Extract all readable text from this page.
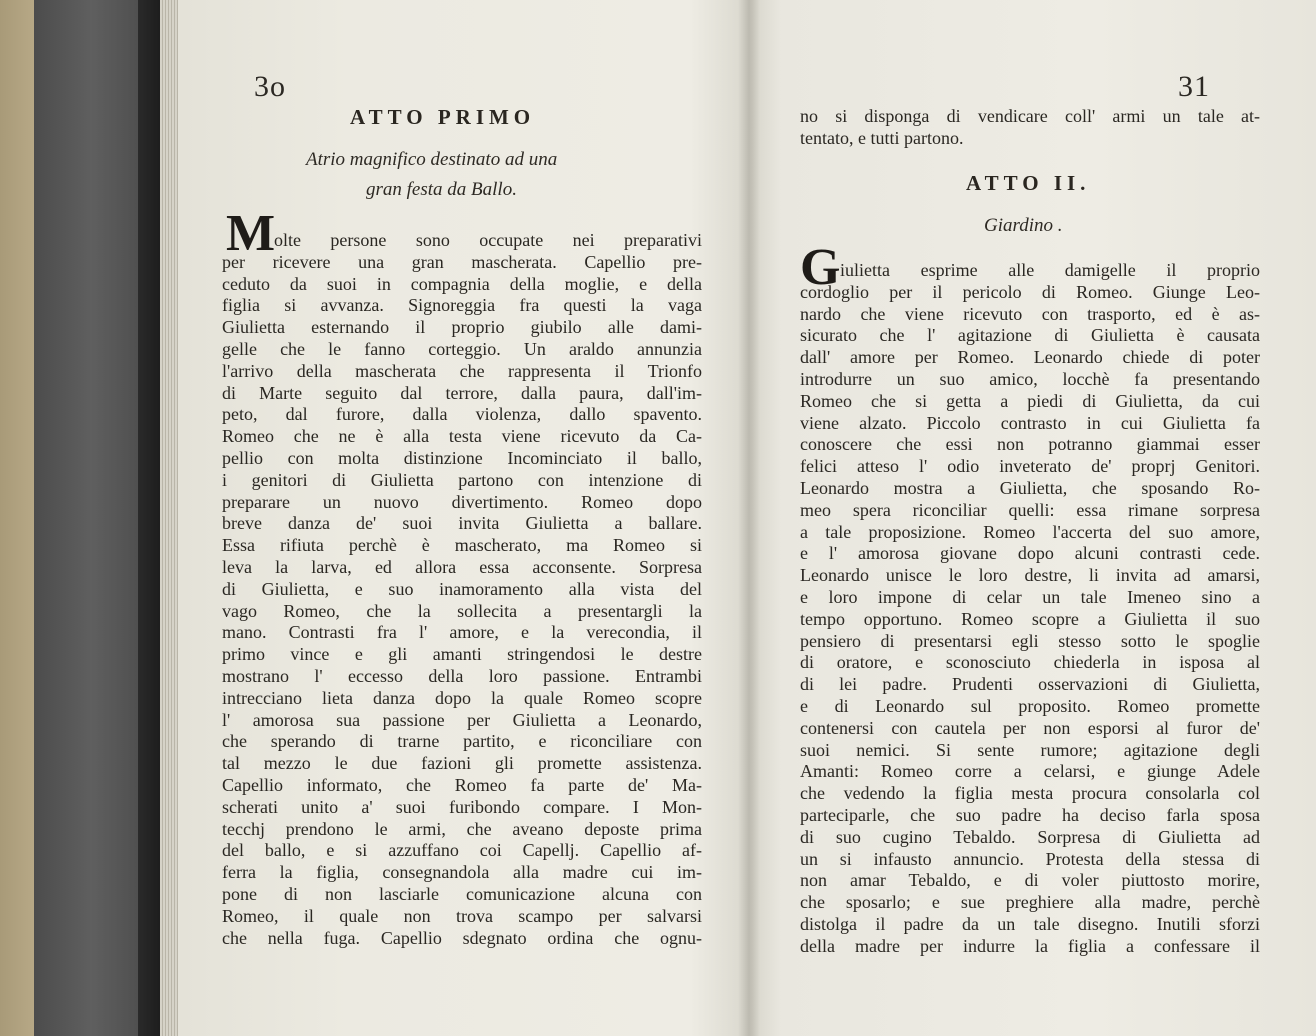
3o
ATTO PRIMO
Atrio magnifico destinato ad una
gran festa da Ballo.
M
olte persone sono occupate nei preparativi
per ricevere una gran mascherata. Capellio pre-
ceduto da suoi in compagnia della moglie, e della
figlia si avvanza. Signoreggia fra questi la vaga
Giulietta esternando il proprio giubilo alle dami-
gelle che le fanno corteggio. Un araldo annunzia
l'arrivo della mascherata che rappresenta il Trionfo
di Marte seguito dal terrore, dalla paura, dall'im-
peto, dal furore, dalla violenza, dallo spavento.
Romeo che ne è alla testa viene ricevuto da Ca-
pellio con molta distinzione Incominciato il ballo,
i genitori di Giulietta partono con intenzione di
preparare un nuovo divertimento. Romeo dopo
breve danza de' suoi invita Giulietta a ballare.
Essa rifiuta perchè è mascherato, ma Romeo si
leva la larva, ed allora essa acconsente. Sorpresa
di Giulietta, e suo inamoramento alla vista del
vago Romeo, che la sollecita a presentargli la
mano. Contrasti fra l' amore, e la verecondia, il
primo vince e gli amanti stringendosi le destre
mostrano l' eccesso della loro passione. Entrambi
intrecciano lieta danza dopo la quale Romeo scopre
l' amorosa sua passione per Giulietta a Leonardo,
che sperando di trarne partito, e riconciliare con
tal mezzo le due fazioni gli promette assistenza.
Capellio informato, che Romeo fa parte de' Ma-
scherati unito a' suoi furibondo compare. I Mon-
tecchj prendono le armi, che aveano deposte prima
del ballo, e si azzuffano coi Capellj. Capellio af-
ferra la figlia, consegnandola alla madre cui im-
pone di non lasciarle comunicazione alcuna con
Romeo, il quale non trova scampo per salvarsi
che nella fuga. Capellio sdegnato ordina che ognu-
31
no si disponga di vendicare coll' armi un tale at-
tentato, e tutti partono.
ATTO II.
Giardino .
G iulietta esprime alle damigelle il proprio
cordoglio per il pericolo di Romeo. Giunge Leo-
nardo che viene ricevuto con trasporto, ed è as-
sicurato che l' agitazione di Giulietta è causata
dall' amore per Romeo. Leonardo chiede di poter
introdurre un suo amico, locchè fa presentando
Romeo che si getta a piedi di Giulietta, da cui
viene alzato. Piccolo contrasto in cui Giulietta fa
conoscere che essi non potranno giammai esser
felici atteso l' odio inveterato de' proprj Genitori.
Leonardo mostra a Giulietta, che sposando Ro-
meo spera riconciliar quelli: essa rimane sorpresa
a tale proposizione. Romeo l'accerta del suo amore,
e l' amorosa giovane dopo alcuni contrasti cede.
Leonardo unisce le loro destre, li invita ad amarsi,
e loro impone di celar un tale Imeneo sino a
tempo opportuno. Romeo scopre a Giulietta il suo
pensiero di presentarsi egli stesso sotto le spoglie
di oratore, e sconosciuto chiederla in isposa al
di lei padre. Prudenti osservazioni di Giulietta,
e di Leonardo sul proposito. Romeo promette
contenersi con cautela per non esporsi al furor de'
suoi nemici. Si sente rumore; agitazione degli
Amanti: Romeo corre a celarsi, e giunge Adele
che vedendo la figlia mesta procura consolarla col
parteciparle, che suo padre ha deciso farla sposa
di suo cugino Tebaldo. Sorpresa di Giulietta ad
un si infausto annuncio. Protesta della stessa di
non amar Tebaldo, e di voler piuttosto morire,
che sposarlo; e sue preghiere alla madre, perchè
distolga il padre da un tale disegno. Inutili sforzi
della madre per indurre la figlia a confessare il
